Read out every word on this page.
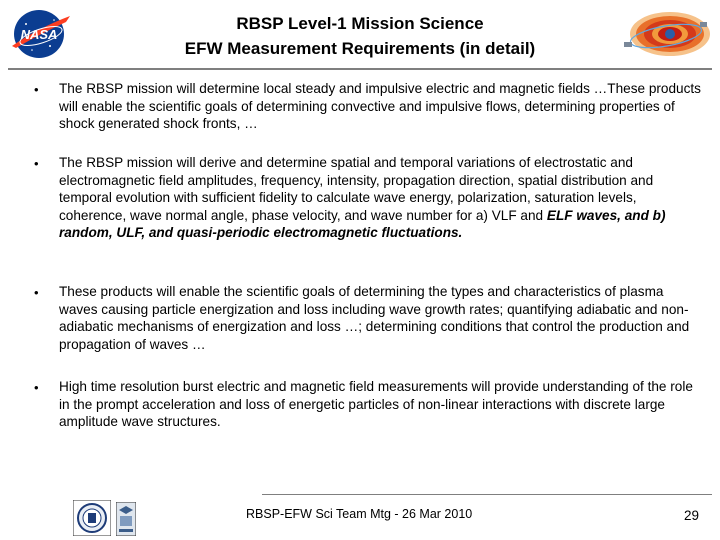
NASA
RBSP Level-1 Mission Science
EFW Measurement Requirements (in detail)
• The RBSP mission will determine local steady and impulsive electric and magnetic fields …These products will enable the scientific goals of determining convective and impulsive flows, determining properties of shock generated shock fronts, …
• The RBSP mission will derive and determine spatial and temporal variations of electrostatic and electromagnetic field amplitudes, frequency, intensity, propagation direction, spatial distribution and temporal evolution with sufficient fidelity to calculate wave energy, polarization, saturation levels, coherence, wave normal angle, phase velocity, and wave number for a) VLF and ELF waves, and b) random, ULF, and quasi-periodic electromagnetic fluctuations.
• These products will enable the scientific goals of determining the types and characteristics of plasma waves causing particle energization and loss including wave growth rates; quantifying adiabatic and non-adiabatic mechanisms of energization and loss …; determining conditions that control the production and propagation of waves …
• High time resolution burst electric and magnetic field measurements will provide understanding of the role in the prompt acceleration and loss of energetic particles of non-linear interactions with discrete large amplitude wave structures.
RBSP-EFW Sci Team Mtg - 26 Mar 2010	29
